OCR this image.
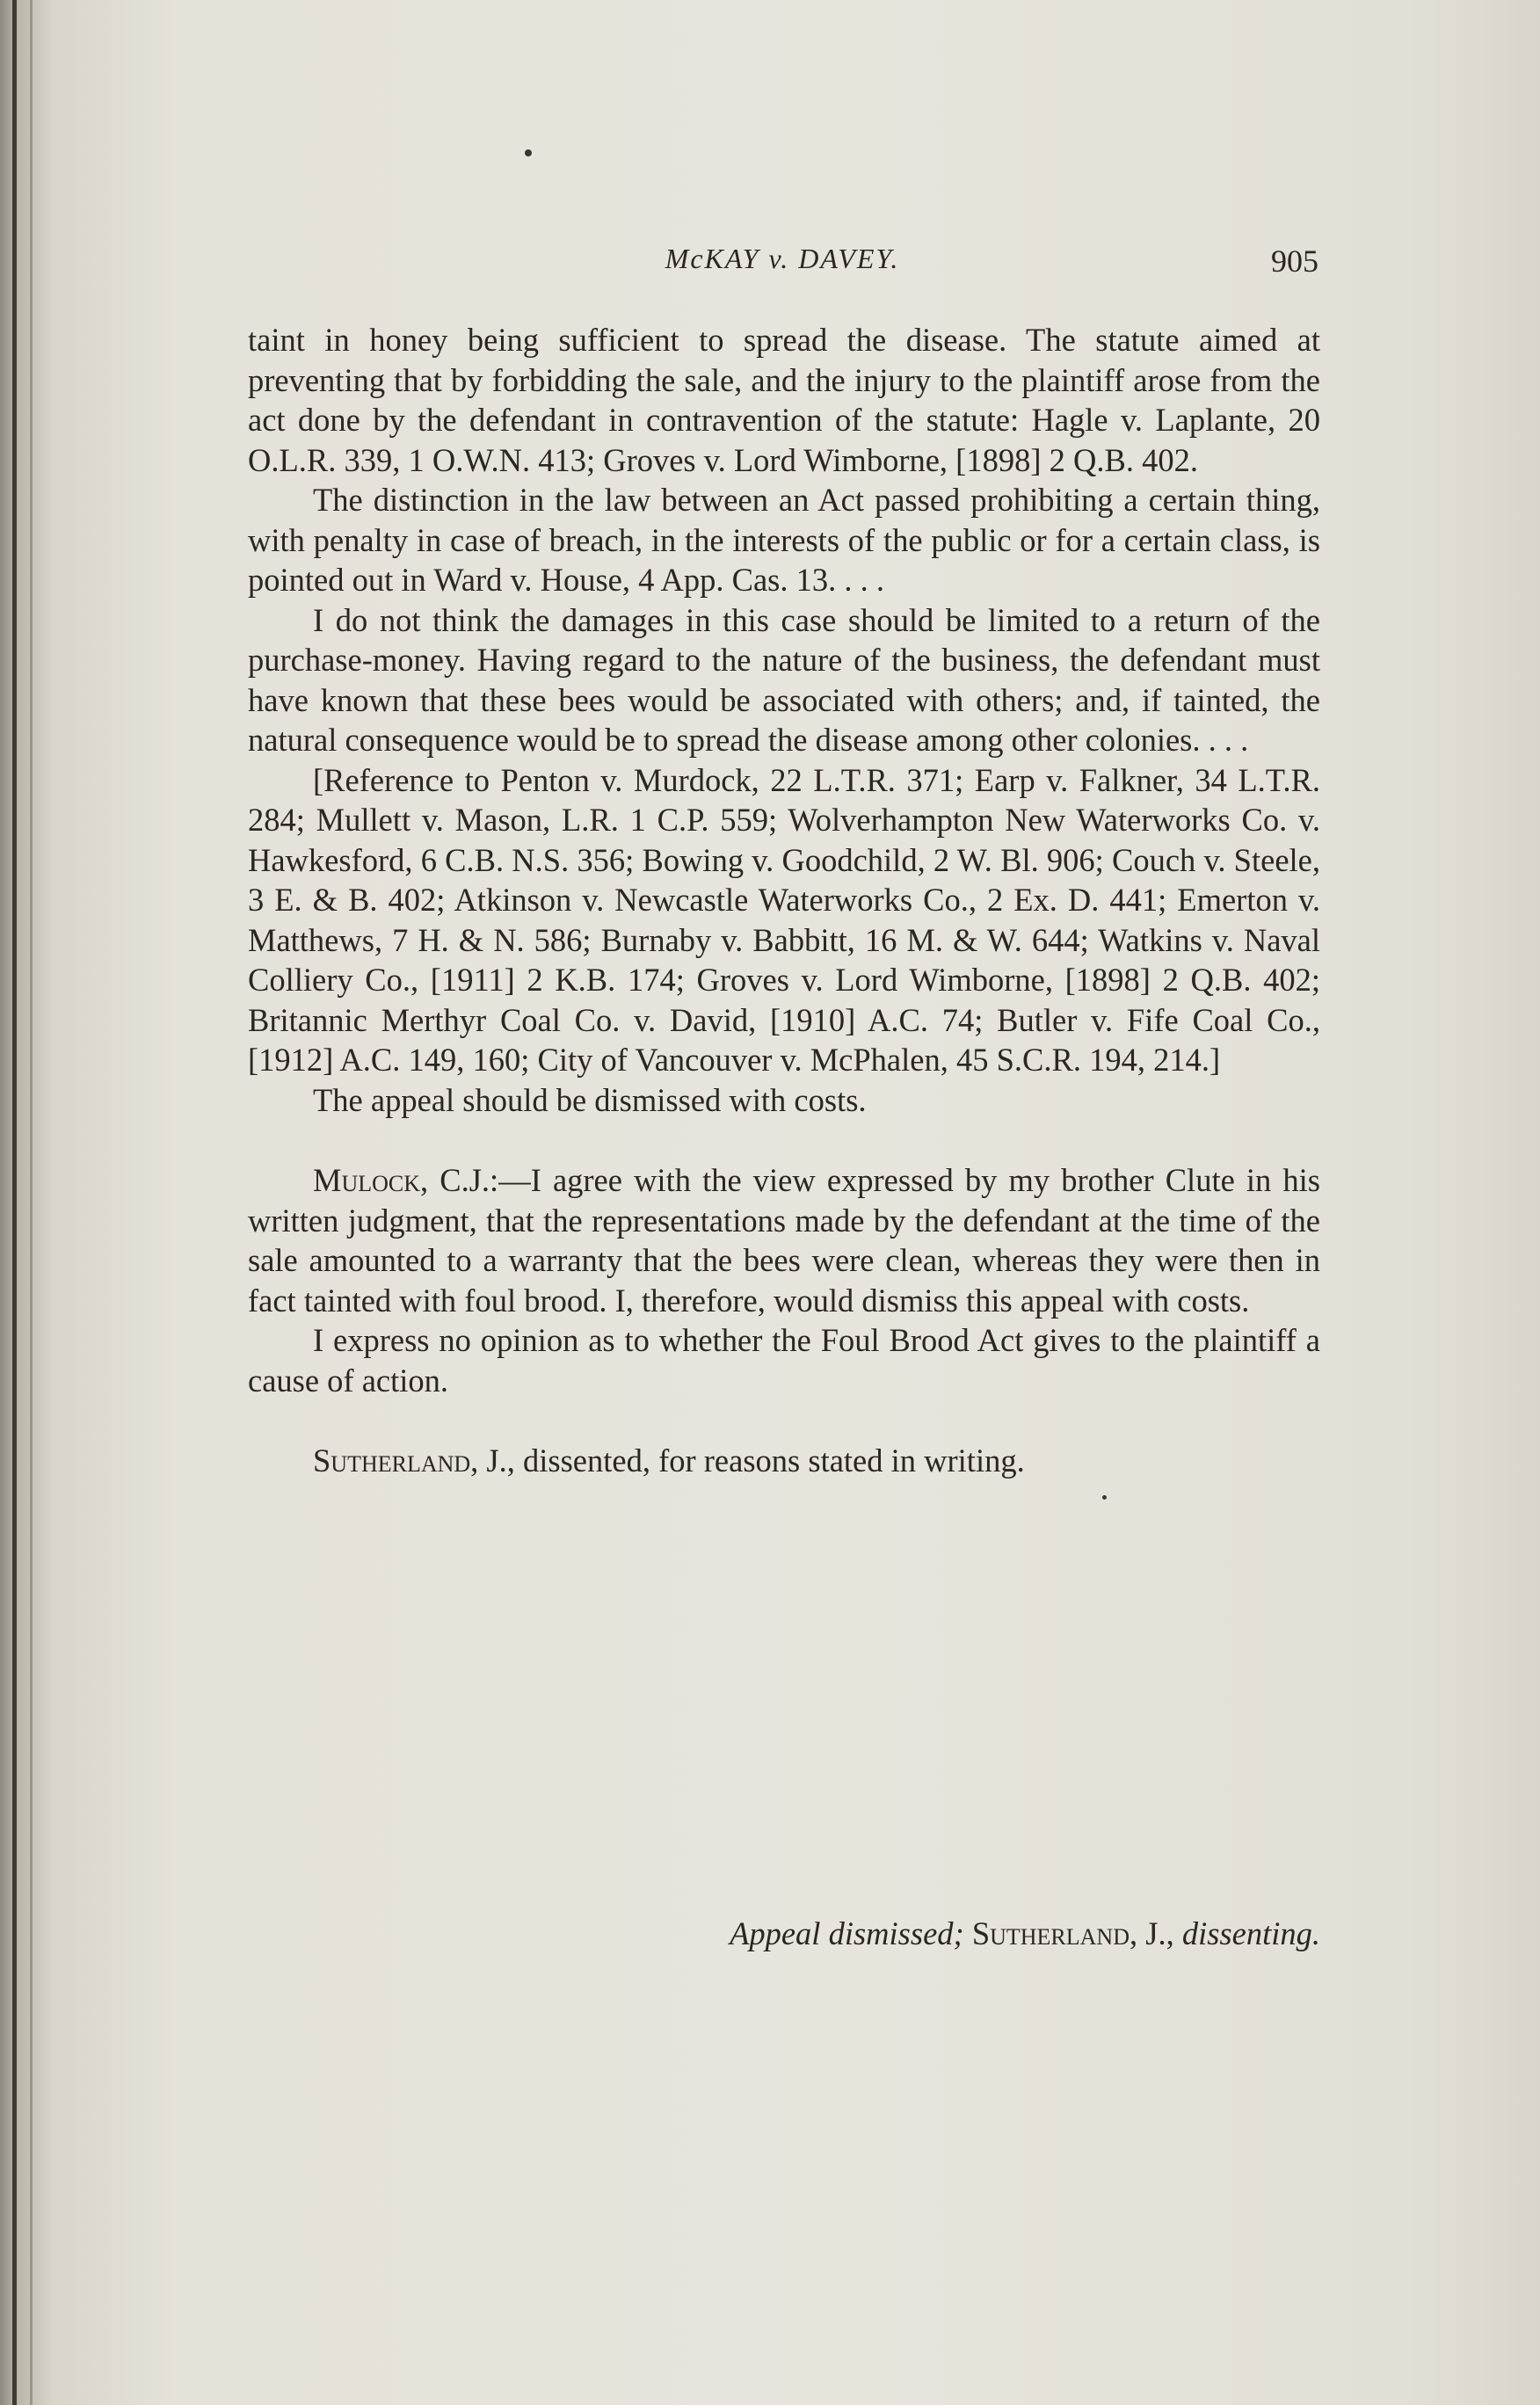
McKAY v. DAVEY.	905

taint in honey being sufficient to spread the disease. The statute aimed at preventing that by forbidding the sale, and the injury to the plaintiff arose from the act done by the defendant in contravention of the statute: Hagle v. Laplante, 20 O.L.R. 339, 1 O.W.N. 413; Groves v. Lord Wimborne, [1898] 2 Q.B. 402.

The distinction in the law between an Act passed prohibiting a certain thing, with penalty in case of breach, in the interests of the public or for a certain class, is pointed out in Ward v. House, 4 App. Cas. 13. . . .

I do not think the damages in this case should be limited to a return of the purchase-money. Having regard to the nature of the business, the defendant must have known that these bees would be associated with others; and, if tainted, the natural consequence would be to spread the disease among other colonies. . . .

[Reference to Penton v. Murdock, 22 L.T.R. 371; Earp v. Falkner, 34 L.T.R. 284; Mullett v. Mason, L.R. 1 C.P. 559; Wolverhampton New Waterworks Co. v. Hawkesford, 6 C.B. N.S. 356; Bowing v. Goodchild, 2 W. Bl. 906; Couch v. Steele, 3 E. & B. 402; Atkinson v. Newcastle Waterworks Co., 2 Ex. D. 441; Emerton v. Matthews, 7 H. & N. 586; Burnaby v. Babbitt, 16 M. & W. 644; Watkins v. Naval Colliery Co., [1911] 2 K.B. 174; Groves v. Lord Wimborne, [1898] 2 Q.B. 402; Britannic Merthyr Coal Co. v. David, [1910] A.C. 74; Butler v. Fife Coal Co., [1912] A.C. 149, 160; City of Vancouver v. McPhalen, 45 S.C.R. 194, 214.]

The appeal should be dismissed with costs.

Mulock, C.J.:—I agree with the view expressed by my brother Clute in his written judgment, that the representations made by the defendant at the time of the sale amounted to a warranty that the bees were clean, whereas they were then in fact tainted with foul brood. I, therefore, would dismiss this appeal with costs.

I express no opinion as to whether the Foul Brood Act gives to the plaintiff a cause of action.

Sutherland, J., dissented, for reasons stated in writing.

Appeal dismissed; Sutherland, J., dissenting.
